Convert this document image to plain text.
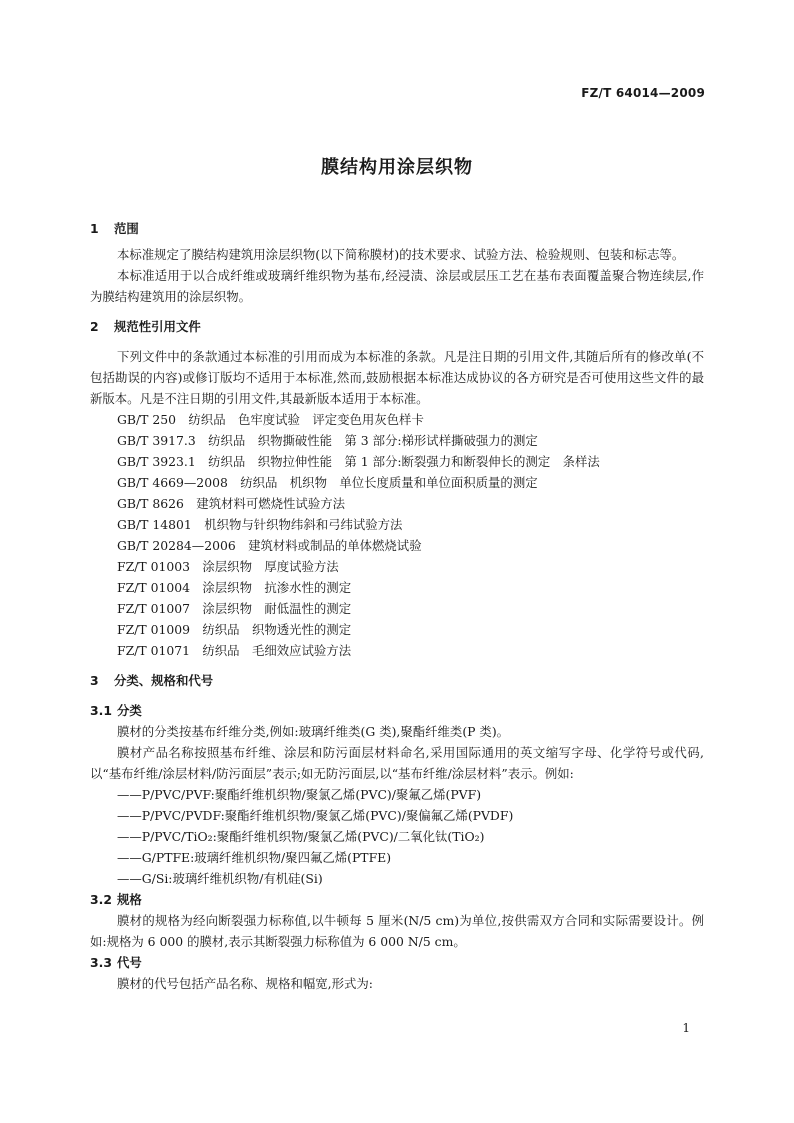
FZ/T 64014—2009
膜结构用涂层织物
1 范围
本标准规定了膜结构建筑用涂层织物(以下简称膜材)的技术要求、试验方法、检验规则、包装和标志等。
本标准适用于以合成纤维或玻璃纤维织物为基布,经浸渍、涂层或层压工艺在基布表面覆盖聚合物连续层,作为膜结构建筑用的涂层织物。
2 规范性引用文件
下列文件中的条款通过本标准的引用而成为本标准的条款。凡是注日期的引用文件,其随后所有的修改单(不包括勘误的内容)或修订版均不适用于本标准,然而,鼓励根据本标准达成协议的各方研究是否可使用这些文件的最新版本。凡是不注日期的引用文件,其最新版本适用于本标准。
GB/T 250　纺织品　色牢度试验　评定变色用灰色样卡
GB/T 3917.3　纺织品　织物撕破性能　第 3 部分:梯形试样撕破强力的测定
GB/T 3923.1　纺织品　织物拉伸性能　第 1 部分:断裂强力和断裂伸长的测定　条样法
GB/T 4669—2008　纺织品　机织物　单位长度质量和单位面积质量的测定
GB/T 8626　建筑材料可燃烧性试验方法
GB/T 14801　机织物与针织物纬斜和弓纬试验方法
GB/T 20284—2006　建筑材料或制品的单体燃烧试验
FZ/T 01003　涂层织物　厚度试验方法
FZ/T 01004　涂层织物　抗渗水性的测定
FZ/T 01007　涂层织物　耐低温性的测定
FZ/T 01009　纺织品　织物透光性的测定
FZ/T 01071　纺织品　毛细效应试验方法
3 分类、规格和代号
3.1 分类
膜材的分类按基布纤维分类,例如:玻璃纤维类(G 类),聚酯纤维类(P 类)。
膜材产品名称按照基布纤维、涂层和防污面层材料命名,采用国际通用的英文缩写字母、化学符号或代码,以“基布纤维/涂层材料/防污面层”表示;如无防污面层,以“基布纤维/涂层材料”表示。例如:
——P/PVC/PVF:聚酯纤维机织物/聚氯乙烯(PVC)/聚氟乙烯(PVF)
——P/PVC/PVDF:聚酯纤维机织物/聚氯乙烯(PVC)/聚偏氟乙烯(PVDF)
——P/PVC/TiO₂:聚酯纤维机织物/聚氯乙烯(PVC)/二氧化钛(TiO₂)
——G/PTFE:玻璃纤维机织物/聚四氟乙烯(PTFE)
——G/Si:玻璃纤维机织物/有机硅(Si)
3.2 规格
膜材的规格为经向断裂强力标称值,以牛顿每 5 厘米(N/5 cm)为单位,按供需双方合同和实际需要设计。例如:规格为 6 000 的膜材,表示其断裂强力标称值为 6 000 N/5 cm。
3.3 代号
膜材的代号包括产品名称、规格和幅宽,形式为:
1
